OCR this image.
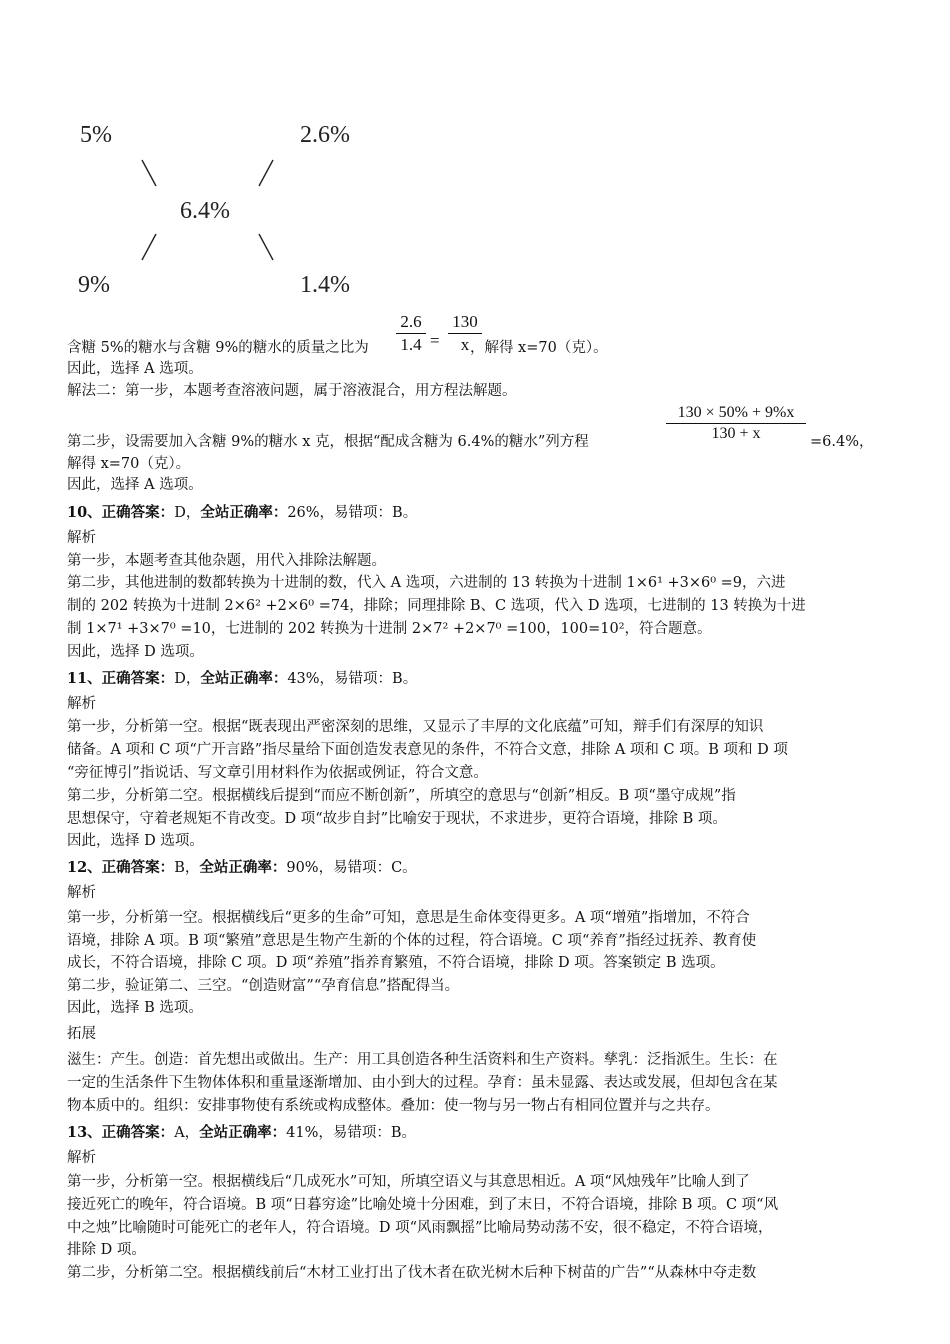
5%	2.6%
6.4%
9%	1.4%
2.6
1.4 =
130
x
含糖 5%的糖水与含糖 9%的糖水的质量之比为	，解得 x=70（克）。
因此，选择 A 选项。
解法二：第一步，本题考查溶液问题，属于溶液混合，用方程法解题。
130 × 50% + 9%x
130 + x
第二步，设需要加入含糖 9%的糖水 x 克，根据“配成含糖为 6.4%的糖水”列方程	=6.4%，
解得 x=70（克）。
因此，选择 A 选项。
10、正确答案：D，全站正确率：26%，易错项：B。
解析
第一步，本题考查其他杂题，用代入排除法解题。
第二步，其他进制的数都转换为十进制的数，代入 A 选项，六进制的 13 转换为十进制 1×6¹ +3×6⁰ =9，六进
制的 202 转换为十进制 2×6² +2×6⁰ =74，排除；同理排除 B、C 选项，代入 D 选项，七进制的 13 转换为十进
制 1×7¹ +3×7⁰ =10，七进制的 202 转换为十进制 2×7² +2×7⁰ =100，100=10²，符合题意。
因此，选择 D 选项。
11、正确答案：D，全站正确率：43%，易错项：B。
解析
第一步，分析第一空。根据“既表现出严密深刻的思维，又显示了丰厚的文化底蕴”可知，辩手们有深厚的知识
储备。A 项和 C 项“广开言路”指尽量给下面创造发表意见的条件，不符合文意，排除 A 项和 C 项。B 项和 D 项
“旁征博引”指说话、写文章引用材料作为依据或例证，符合文意。
第二步，分析第二空。根据横线后提到“而应不断创新”，所填空的意思与“创新”相反。B 项“墨守成规”指
思想保守，守着老规矩不肯改变。D 项“故步自封”比喻安于现状，不求进步，更符合语境，排除 B 项。
因此，选择 D 选项。
12、正确答案：B，全站正确率：90%，易错项：C。
解析
第一步，分析第一空。根据横线后“更多的生命”可知，意思是生命体变得更多。A 项“增殖”指增加，不符合
语境，排除 A 项。B 项“繁殖”意思是生物产生新的个体的过程，符合语境。C 项“养育”指经过抚养、教育使
成长，不符合语境，排除 C 项。D 项“养殖”指养育繁殖，不符合语境，排除 D 项。答案锁定 B 选项。
第二步，验证第二、三空。“创造财富”“孕育信息”搭配得当。
因此，选择 B 选项。
拓展
滋生：产生。创造：首先想出或做出。生产：用工具创造各种生活资料和生产资料。孳乳：泛指派生。生长：在
一定的生活条件下生物体体积和重量逐渐增加、由小到大的过程。孕育：虽未显露、表达或发展，但却包含在某
物本质中的。组织：安排事物使有系统或构成整体。叠加：使一物与另一物占有相同位置并与之共存。
13、正确答案：A，全站正确率：41%，易错项：B。
解析
第一步，分析第一空。根据横线后“几成死水”可知，所填空语义与其意思相近。A 项“风烛残年”比喻人到了
接近死亡的晚年，符合语境。B 项“日暮穷途”比喻处境十分困难，到了末日，不符合语境，排除 B 项。C 项“风
中之烛”比喻随时可能死亡的老年人，符合语境。D 项“风雨飘摇”比喻局势动荡不安，很不稳定，不符合语境，
排除 D 项。
第二步，分析第二空。根据横线前后“木材工业打出了伐木者在砍光树木后种下树苗的广告”“从森林中夺走数
